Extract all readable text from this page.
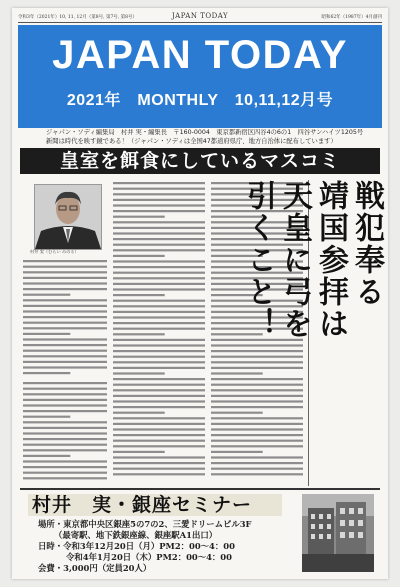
令和3年（2021年）10, 11, 12月（第8号, 第7号, 第8号）	JAPAN TODAY	昭和62年（1987年）4月創刊
JAPAN TODAY
2021年　MONTHLY　10,11,12月号
ジャパン・ソディ編集局　村井 実・編集長　〒160-0004　東京都新宿区四谷4の6の1　四谷サンハイツ1205号
新聞は時代を映す鏡である！（ジャパン・ソディは全国47都道府県庁、地方自治体に配布しています）
皇室を餌食にしているマスコミ
村井 実（むらい みのる）	戦犯奉る
靖国参拝は
天皇に弓を
引くこと！
村井　実・銀座セミナー
場所・東京都中央区銀座5の7の2、三愛ドリームビル3F
（最寄駅、地下鉄銀座線、銀座駅A1出口）
日時・令和3年12月20日（月）PM2：00～4：00
令和4年1月20日（木）PM2：00～4：00
会費・3,000円（定員20人）
